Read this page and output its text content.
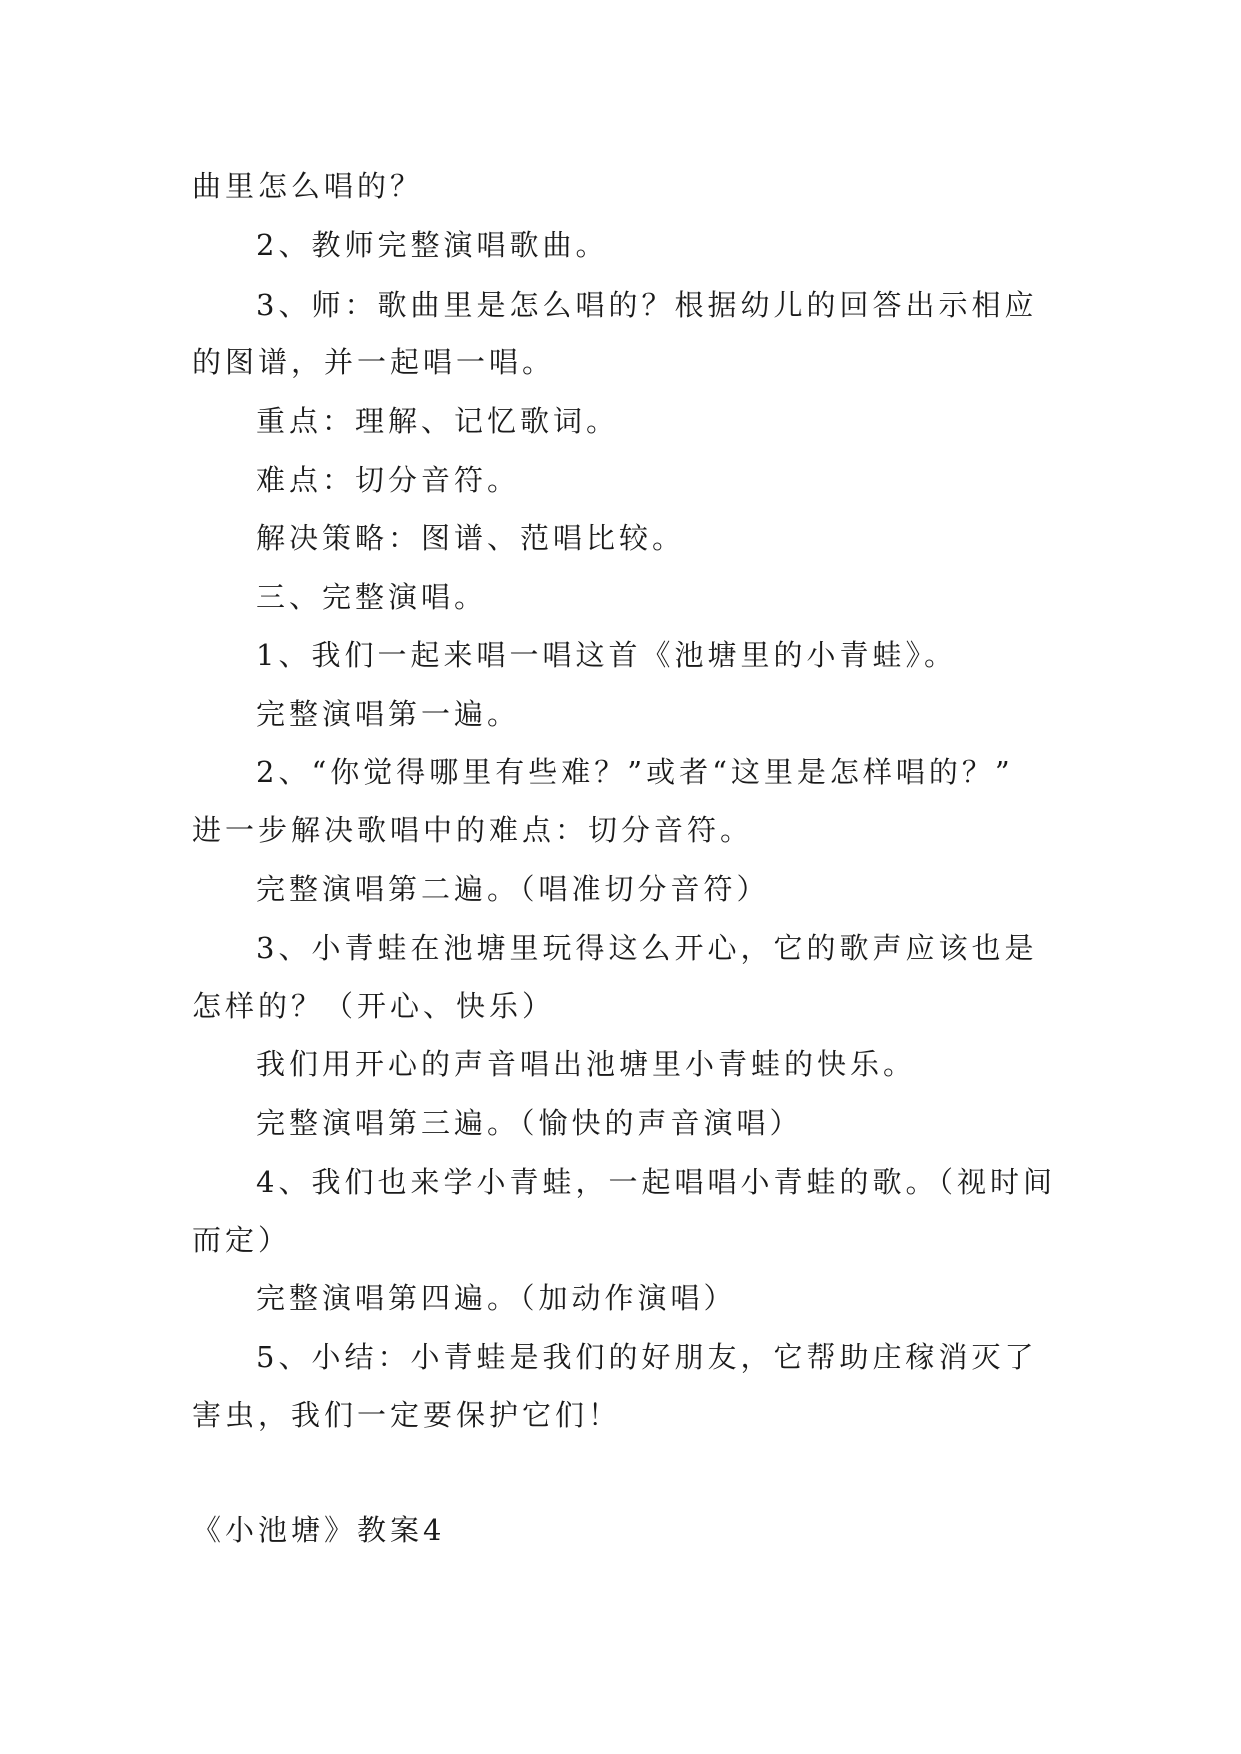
曲里怎么唱的？
2、教师完整演唱歌曲。
3、师：歌曲里是怎么唱的？根据幼儿的回答出示相应
的图谱，并一起唱一唱。
重点：理解、记忆歌词。
难点：切分音符。
解决策略：图谱、范唱比较。
三、完整演唱。
1、我们一起来唱一唱这首《池塘里的小青蛙》。
完整演唱第一遍。
2、“你觉得哪里有些难？”或者“这里是怎样唱的？”
进一步解决歌唱中的难点：切分音符。
完整演唱第二遍。（唱准切分音符）
3、小青蛙在池塘里玩得这么开心，它的歌声应该也是
怎样的？（开心、快乐）
我们用开心的声音唱出池塘里小青蛙的快乐。
完整演唱第三遍。（愉快的声音演唱）
4、我们也来学小青蛙，一起唱唱小青蛙的歌。（视时间
而定）
完整演唱第四遍。（加动作演唱）
5、小结：小青蛙是我们的好朋友，它帮助庄稼消灭了
害虫，我们一定要保护它们！
《小池塘》教案4
